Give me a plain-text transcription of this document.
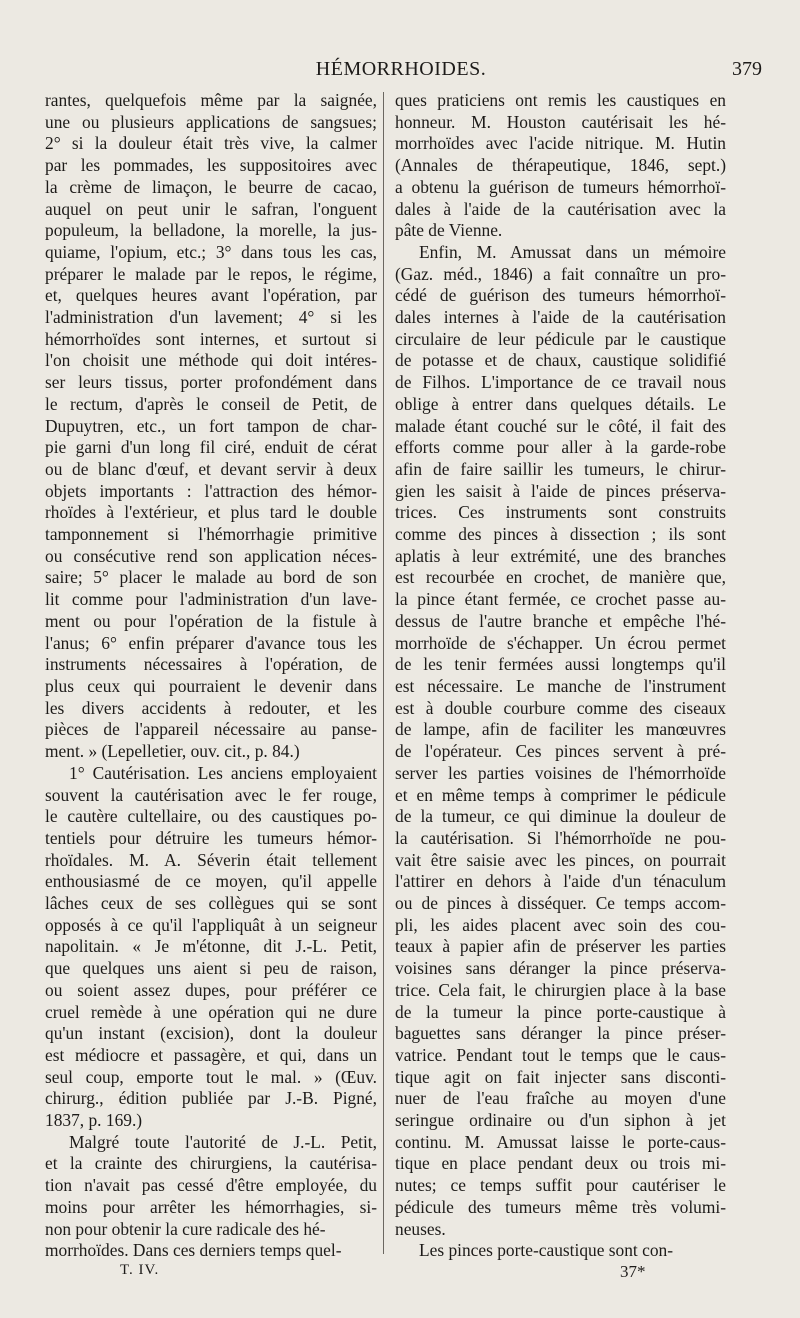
HÉMORRHOIDES.	379
rantes, quelquefois même par la saignée,
une ou plusieurs applications de sangsues;
2° si la douleur était très vive, la calmer
par les pommades, les suppositoires avec
la crème de limaçon, le beurre de cacao,
auquel on peut unir le safran, l'onguent
populeum, la belladone, la morelle, la jus-
quiame, l'opium, etc.; 3° dans tous les cas,
préparer le malade par le repos, le régime,
et, quelques heures avant l'opération, par
l'administration d'un lavement; 4° si les
hémorrhoïdes sont internes, et surtout si
l'on choisit une méthode qui doit intéres-
ser leurs tissus, porter profondément dans
le rectum, d'après le conseil de Petit, de
Dupuytren, etc., un fort tampon de char-
pie garni d'un long fil ciré, enduit de cérat
ou de blanc d'œuf, et devant servir à deux
objets importants : l'attraction des hémor-
rhoïdes à l'extérieur, et plus tard le double
tamponnement si l'hémorrhagie primitive
ou consécutive rend son application néces-
saire; 5° placer le malade au bord de son
lit comme pour l'administration d'un lave-
ment ou pour l'opération de la fistule à
l'anus; 6° enfin préparer d'avance tous les
instruments nécessaires à l'opération, de
plus ceux qui pourraient le devenir dans
les divers accidents à redouter, et les
pièces de l'appareil nécessaire au panse-
ment. » (Lepelletier, ouv. cit., p. 84.)
1° Cautérisation. Les anciens employaient
souvent la cautérisation avec le fer rouge,
le cautère cultellaire, ou des caustiques po-
tentiels pour détruire les tumeurs hémor-
rhoïdales. M. A. Séverin était tellement
enthousiasmé de ce moyen, qu'il appelle
lâches ceux de ses collègues qui se sont
opposés à ce qu'il l'appliquât à un seigneur
napolitain. « Je m'étonne, dit J.-L. Petit,
que quelques uns aient si peu de raison,
ou soient assez dupes, pour préférer ce
cruel remède à une opération qui ne dure
qu'un instant (excision), dont la douleur
est médiocre et passagère, et qui, dans un
seul coup, emporte tout le mal. » (Œuv.
chirurg., édition publiée par J.-B. Pigné,
1837, p. 169.)
Malgré toute l'autorité de J.-L. Petit,
et la crainte des chirurgiens, la cautérisa-
tion n'avait pas cessé d'être employée, du
moins pour arrêter les hémorrhagies, si-
non pour obtenir la cure radicale des hé-
morrhoïdes. Dans ces derniers temps quel-
ques praticiens ont remis les caustiques en
honneur. M. Houston cautérisait les hé-
morrhoïdes avec l'acide nitrique. M. Hutin
(Annales de thérapeutique, 1846, sept.)
a obtenu la guérison de tumeurs hémorrhoï-
dales à l'aide de la cautérisation avec la
pâte de Vienne.
Enfin, M. Amussat dans un mémoire
(Gaz. méd., 1846) a fait connaître un pro-
cédé de guérison des tumeurs hémorrhoï-
dales internes à l'aide de la cautérisation
circulaire de leur pédicule par le caustique
de potasse et de chaux, caustique solidifié
de Filhos. L'importance de ce travail nous
oblige à entrer dans quelques détails. Le
malade étant couché sur le côté, il fait des
efforts comme pour aller à la garde-robe
afin de faire saillir les tumeurs, le chirur-
gien les saisit à l'aide de pinces préserva-
trices. Ces instruments sont construits
comme des pinces à dissection ; ils sont
aplatis à leur extrémité, une des branches
est recourbée en crochet, de manière que,
la pince étant fermée, ce crochet passe au-
dessus de l'autre branche et empêche l'hé-
morrhoïde de s'échapper. Un écrou permet
de les tenir fermées aussi longtemps qu'il
est nécessaire. Le manche de l'instrument
est à double courbure comme des ciseaux
de lampe, afin de faciliter les manœuvres
de l'opérateur. Ces pinces servent à pré-
server les parties voisines de l'hémorrhoïde
et en même temps à comprimer le pédicule
de la tumeur, ce qui diminue la douleur de
la cautérisation. Si l'hémorrhoïde ne pou-
vait être saisie avec les pinces, on pourrait
l'attirer en dehors à l'aide d'un ténaculum
ou de pinces à disséquer. Ce temps accom-
pli, les aides placent avec soin des cou-
teaux à papier afin de préserver les parties
voisines sans déranger la pince préserva-
trice. Cela fait, le chirurgien place à la base
de la tumeur la pince porte-caustique à
baguettes sans déranger la pince préser-
vatrice. Pendant tout le temps que le caus-
tique agit on fait injecter sans disconti-
nuer de l'eau fraîche au moyen d'une
seringue ordinaire ou d'un siphon à jet
continu. M. Amussat laisse le porte-caus-
tique en place pendant deux ou trois mi-
nutes; ce temps suffit pour cautériser le
pédicule des tumeurs même très volumi-
neuses.
Les pinces porte-caustique sont con-
T. IV.	37*
